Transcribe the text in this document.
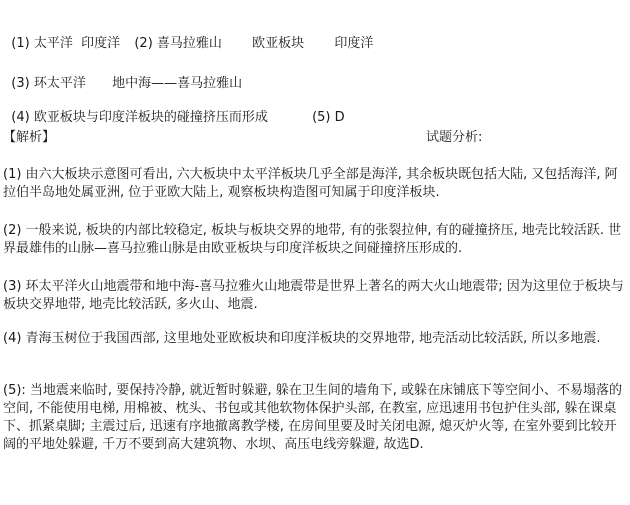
(1) 太平洋  印度洋  (2) 喜马拉雅山  欧亚板块  印度洋

(3) 环太平洋  地中海——喜马拉雅山

(4) 欧亚板块与印度洋板块的碰撞挤压而形成	(5) D

【解析】	试题分析:
(1) 由六大板块示意图可看出, 六大板块中太平洋板块几乎全部是海洋, 其余板块既包括大陆, 又包括海洋, 阿拉伯半岛地处属亚洲, 位于亚欧大陆上, 观察板块构造图可知属于印度洋板块.
(2) 一般来说, 板块的内部比较稳定, 板块与板块交界的地带, 有的张裂拉伸, 有的碰撞挤压, 地壳比较活跃. 世界最雄伟的山脉—喜马拉雅山脉是由欧亚板块与印度洋板块之间碰撞挤压形成的.
(3) 环太平洋火山地震带和地中海-喜马拉雅火山地震带是世界上著名的两大火山地震带; 因为这里位于板块与板块交界地带, 地壳比较活跃, 多火山、地震.
(4) 青海玉树位于我国西部, 这里地处亚欧板块和印度洋板块的交界地带, 地壳活动比较活跃, 所以多地震.
(5): 当地震来临时, 要保持冷静, 就近暂时躲避, 躲在卫生间的墙角下, 或躲在床铺底下等空间小、不易塌落的空间, 不能使用电梯, 用棉被、枕头、书包或其他软物体保护头部, 在教室, 应迅速用书包护住头部, 躲在课桌下、抓紧桌脚; 主震过后, 迅速有序地撤离教学楼, 在房间里要及时关闭电源, 熄灭炉火等, 在室外要到比较开阔的平地处躲避, 千万不要到高大建筑物、水坝、高压电线旁躲避, 故选D.
